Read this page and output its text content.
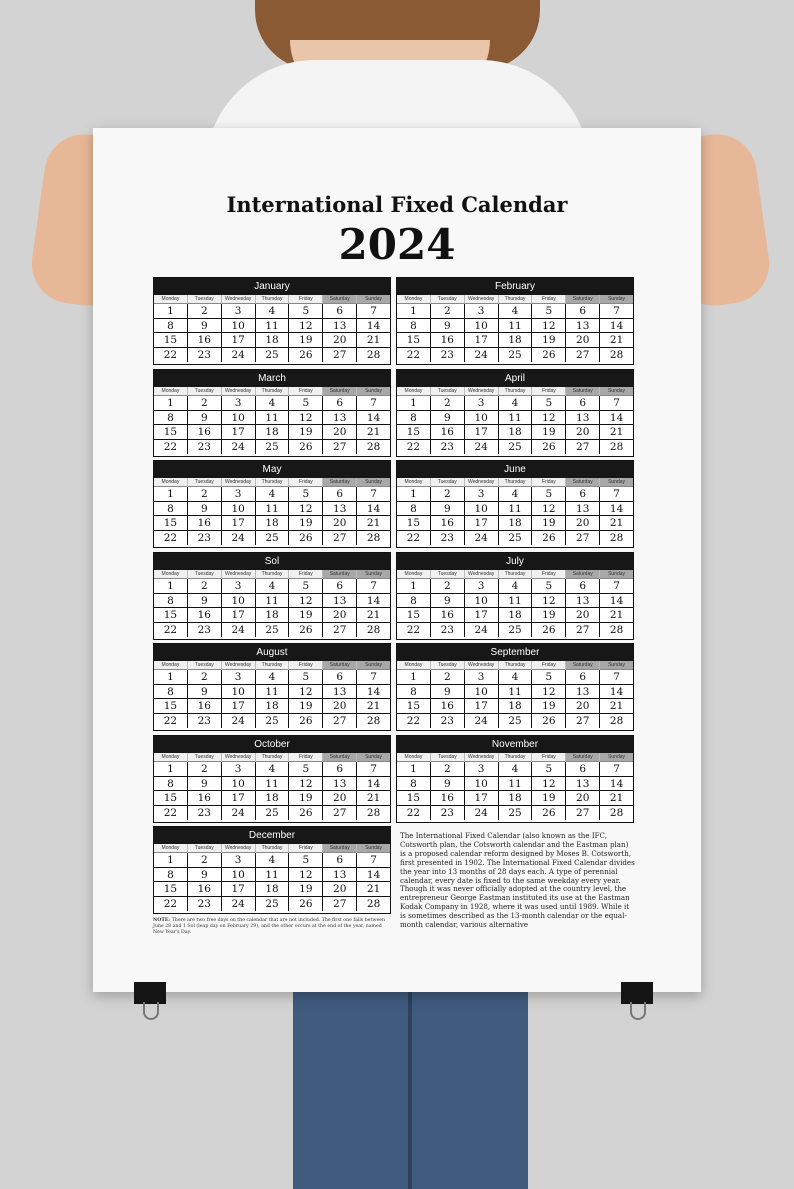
International Fixed Calendar
2024
January
Monday	Tuesday	Wednesday	Thursday	Friday	Saturday	Sunday
1	2	3	4	5	6	7
8	9	10	11	12	13	14
15	16	17	18	19	20	21
22	23	24	25	26	27	28
February
Monday	Tuesday	Wednesday	Thursday	Friday	Saturday	Sunday
1	2	3	4	5	6	7
8	9	10	11	12	13	14
15	16	17	18	19	20	21
22	23	24	25	26	27	28
March
Monday	Tuesday	Wednesday	Thursday	Friday	Saturday	Sunday
1	2	3	4	5	6	7
8	9	10	11	12	13	14
15	16	17	18	19	20	21
22	23	24	25	26	27	28
April
Monday	Tuesday	Wednesday	Thursday	Friday	Saturday	Sunday
1	2	3	4	5	6	7
8	9	10	11	12	13	14
15	16	17	18	19	20	21
22	23	24	25	26	27	28
May
Monday	Tuesday	Wednesday	Thursday	Friday	Saturday	Sunday
1	2	3	4	5	6	7
8	9	10	11	12	13	14
15	16	17	18	19	20	21
22	23	24	25	26	27	28
June
Monday	Tuesday	Wednesday	Thursday	Friday	Saturday	Sunday
1	2	3	4	5	6	7
8	9	10	11	12	13	14
15	16	17	18	19	20	21
22	23	24	25	26	27	28
Sol
Monday	Tuesday	Wednesday	Thursday	Friday	Saturday	Sunday
1	2	3	4	5	6	7
8	9	10	11	12	13	14
15	16	17	18	19	20	21
22	23	24	25	26	27	28
July
Monday	Tuesday	Wednesday	Thursday	Friday	Saturday	Sunday
1	2	3	4	5	6	7
8	9	10	11	12	13	14
15	16	17	18	19	20	21
22	23	24	25	26	27	28
August
Monday	Tuesday	Wednesday	Thursday	Friday	Saturday	Sunday
1	2	3	4	5	6	7
8	9	10	11	12	13	14
15	16	17	18	19	20	21
22	23	24	25	26	27	28
September
Monday	Tuesday	Wednesday	Thursday	Friday	Saturday	Sunday
1	2	3	4	5	6	7
8	9	10	11	12	13	14
15	16	17	18	19	20	21
22	23	24	25	26	27	28
October
Monday	Tuesday	Wednesday	Thursday	Friday	Saturday	Sunday
1	2	3	4	5	6	7
8	9	10	11	12	13	14
15	16	17	18	19	20	21
22	23	24	25	26	27	28
November
Monday	Tuesday	Wednesday	Thursday	Friday	Saturday	Sunday
1	2	3	4	5	6	7
8	9	10	11	12	13	14
15	16	17	18	19	20	21
22	23	24	25	26	27	28
December
Monday	Tuesday	Wednesday	Thursday	Friday	Saturday	Sunday
1	2	3	4	5	6	7
8	9	10	11	12	13	14
15	16	17	18	19	20	21
22	23	24	25	26	27	28
The International Fixed Calendar (also known as the IFC, Cotsworth plan, the Cotsworth calendar and the Eastman plan) is a proposed calendar reform designed by Moses B. Cotsworth, first presented in 1902. The International Fixed Calendar divides the year into 13 months of 28 days each. A type of perennial calendar, every date is fixed to the same weekday every year. Though it was never officially adopted at the country level, the entrepreneur George Eastman instituted its use at the Eastman Kodak Company in 1928, where it was used until 1989. While it is sometimes described as the 13-month calendar or the equal-month calendar, various alternative
NOTE: There are two free days on the calendar that are not included. The first one falls between June 28 and 1 Sol (leap day on February 29), and the other occurs at the end of the year, named New Year's Day.
